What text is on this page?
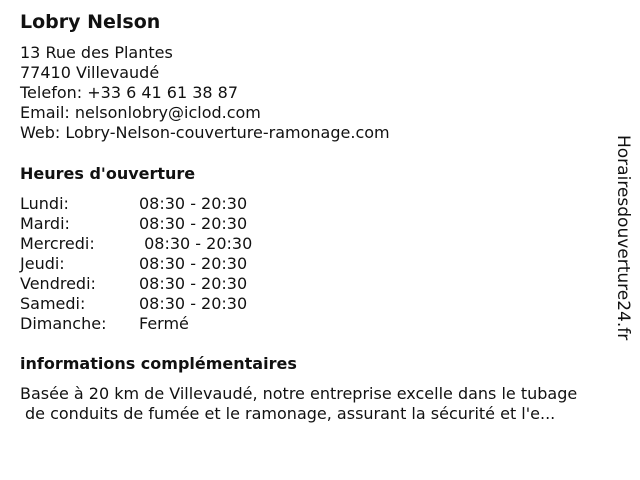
Lobry Nelson
13 Rue des Plantes
77410 Villevaudé
Telefon: +33 6 41 61 38 87
Email: nelsonlobry@iclod.com
Web: Lobry-Nelson-couverture-ramonage.com
Heures d'ouverture
Lundi:	08:30 - 20:30
Mardi:	08:30 - 20:30
Mercredi:	08:30 - 20:30
Jeudi:	08:30 - 20:30
Vendredi:	08:30 - 20:30
Samedi:	08:30 - 20:30
Dimanche:	Fermé
informations complémentaires
Basée à 20 km de Villevaudé, notre entreprise excelle dans le tubage
de conduits de fumée et le ramonage, assurant la sécurité et l'e...
Horairesdouverture24.fr
